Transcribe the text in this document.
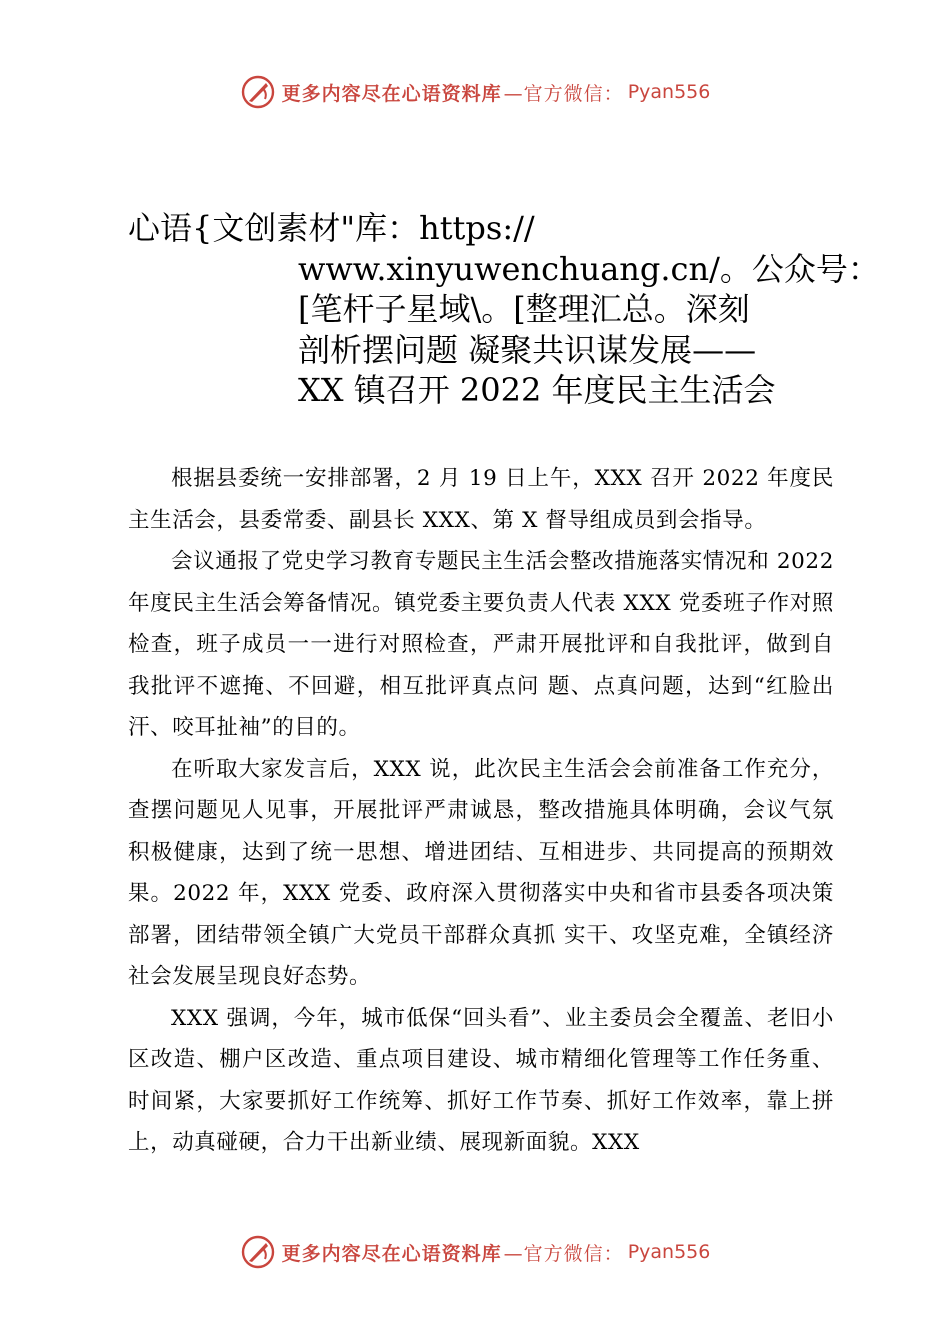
更多内容尽在心语资料库 —官方微信： Pyan556
心语{文创素材"库：https://
www.xinyuwenchuang.cn/。公众号：
[笔杆子星域\。[整理汇总。深刻
剖析摆问题 凝聚共识谋发展——
XX 镇召开 2022 年度民主生活会

根据县委统一安排部署，2 月 19 日上午，XXX 召开 2022 年度民主生活会，县委常委、副县长 XXX、第 X 督导组成员到会指导。

会议通报了党史学习教育专题民主生活会整改措施落实情况和 2022 年度民主生活会筹备情况。镇党委主要负责人代表 XXX 党委班子作对照检查，班子成员一一进行对照检查，严肃开展批评和自我批评，做到自我批评不遮掩、不回避，相互批评真点问 题、点真问题，达到“红脸出汗、咬耳扯袖”的目的。

在听取大家发言后，XXX 说，此次民主生活会会前准备工作充分，查摆问题见人见事，开展批评严肃诚恳，整改措施具体明确，会议气氛积极健康，达到了统一思想、增进团结、互相进步、共同提高的预期效果。2022 年，XXX 党委、政府深入贯彻落实中央和省市县委各项决策部署，团结带领全镇广大党员干部群众真抓 实干、攻坚克难，全镇经济社会发展呈现良好态势。

XXX 强调，今年，城市低保“回头看”、业主委员会全覆盖、老旧小区改造、棚户区改造、重点项目建设、城市精细化管理等工作任务重、时间紧，大家要抓好工作统筹、抓好工作节奏、抓好工作效率，靠上拼上，动真碰硬，合力干出新业绩、展现新面貌。XXX

更多内容尽在心语资料库 —官方微信： Pyan556
